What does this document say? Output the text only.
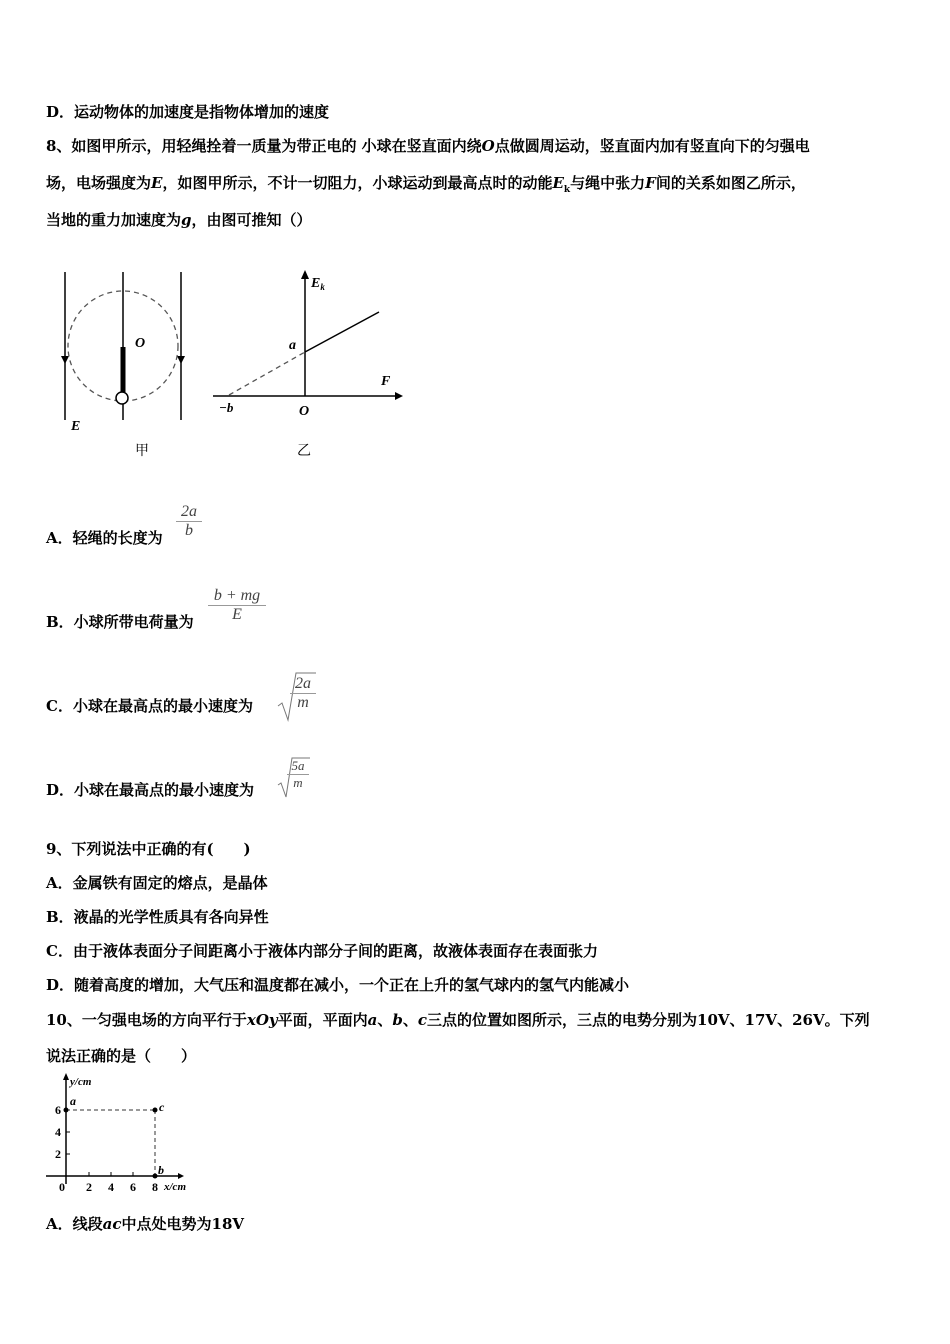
D．运动物体的加速度是指物体增加的速度
8、如图甲所示，用轻绳拴着一质量为带正电的 小球在竖直面内绕O点做圆周运动，竖直面内加有竖直向下的匀强电
场，电场强度为E，如图甲所示，不计一切阻力，小球运动到最高点时的动能$E_k$与绳中张力F间的关系如图乙所示，
当地的重力加速度为g，由图可推知（）
O
E
甲
$E_k$
a
F
−b	O
乙
A．轻绳的长度为
2a
b
B．小球所带电荷量为
b + mg
E
C．小球在最高点的最小速度为
2a
m
D．小球在最高点的最小速度为
5a
m
9、下列说法中正确的有(　　)
A．金属铁有固定的熔点，是晶体
B．液晶的光学性质具有各向异性
C．由于液体表面分子间距离小于液体内部分子间的距离，故液体表面存在表面张力
D．随着高度的增加，大气压和温度都在减小，一个正在上升的氢气球内的氢气内能减小
10、一匀强电场的方向平行于xOy平面，平面内a、b、c三点的位置如图所示，三点的电势分别为10V、17V、26V。下列
说法正确的是（　　）
y/cm
x/cm
a	c
b
6
4
2
0 2 4 6 8
A．线段ac中点处电势为18V
